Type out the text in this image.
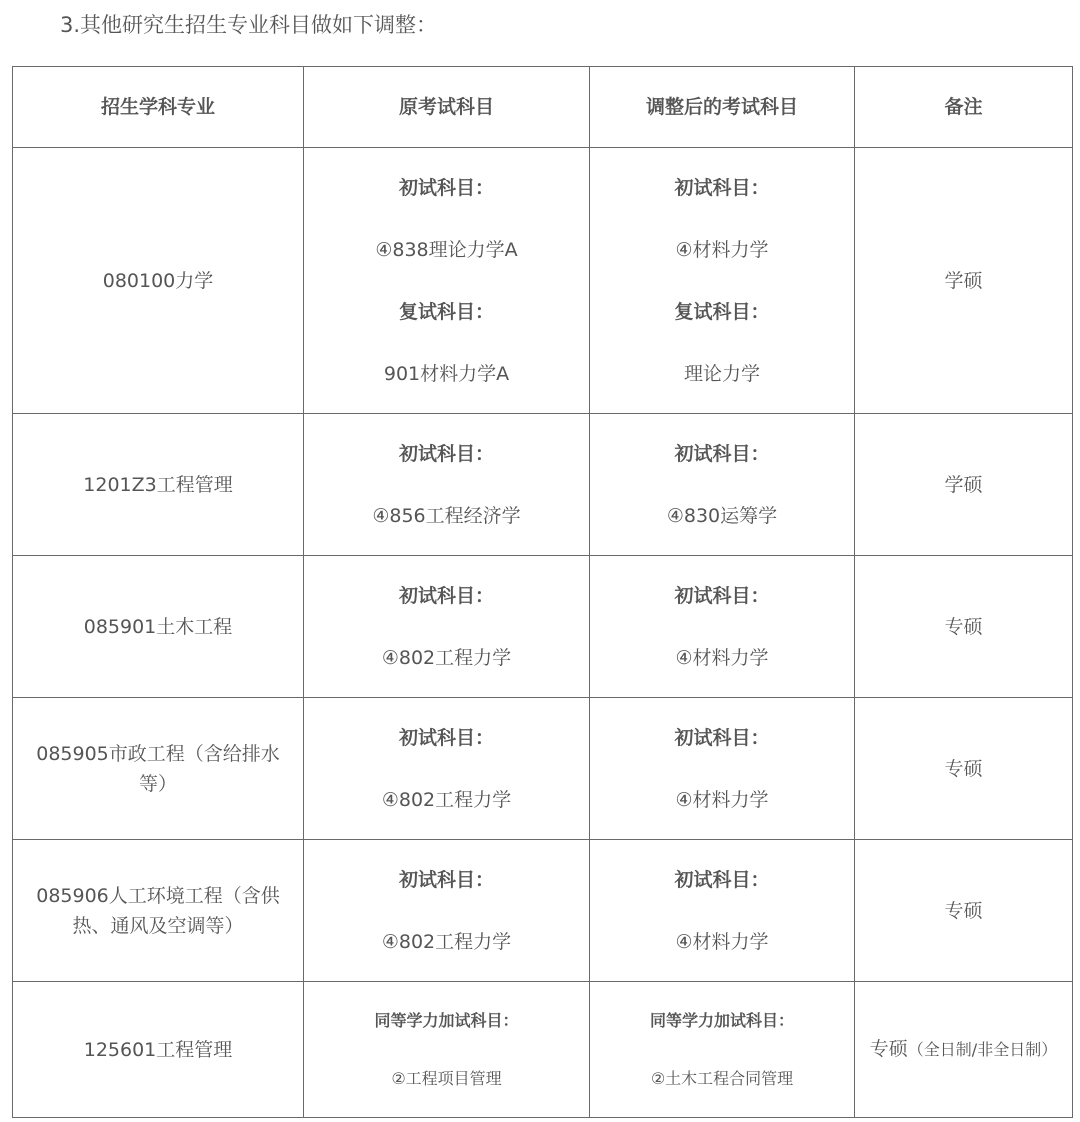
3.其他研究生招生专业科目做如下调整：
招生学科专业	原考试科目	调整后的考试科目	备注
080100力学	初试科目：
④838理论力学A
复试科目：
901材料力学A	初试科目：
④材料力学
复试科目：
理论力学	学硕
1201Z3工程管理	初试科目：
④856工程经济学	初试科目：
④830运筹学	学硕
085901土木工程	初试科目：
④802工程力学	初试科目：
④材料力学	专硕
085905市政工程（含给排水等）	初试科目：
④802工程力学	初试科目：
④材料力学	专硕
085906人工环境工程（含供热、通风及空调等）	初试科目：
④802工程力学	初试科目：
④材料力学	专硕
125601工程管理	同等学力加试科目：
②工程项目管理	同等学力加试科目：
②土木工程合同管理	专硕（全日制/非全日制）
